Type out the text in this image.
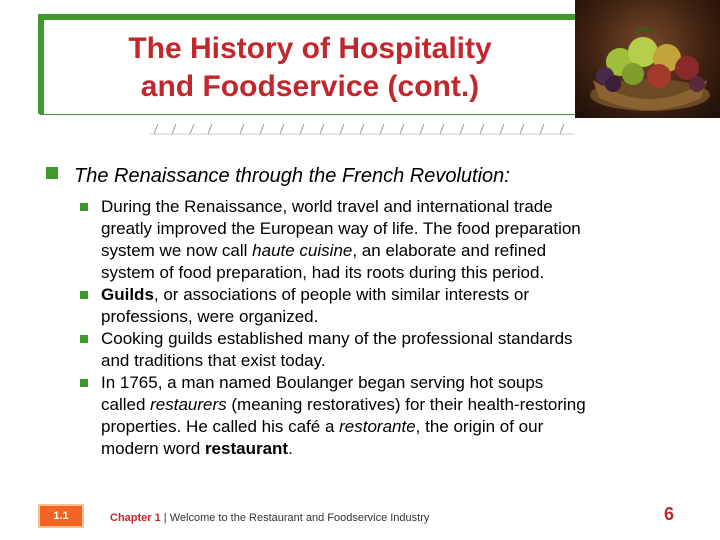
The History of Hospitality
and Foodservice (cont.)
The Renaissance through the French Revolution:
During the Renaissance, world travel and international trade
greatly improved the European way of life. The food preparation
system we now call haute cuisine, an elaborate and refined
system of food preparation, had its roots during this period.
Guilds, or associations of people with similar interests or
professions, were organized.
Cooking guilds established many of the professional standards
and traditions that exist today.
In 1765, a man named Boulanger began serving hot soups
called restaurers (meaning restoratives) for their health-restoring
properties. He called his café a restorante, the origin of our
modern word restaurant.
1.1	Chapter 1 | Welcome to the Restaurant and Foodservice Industry	6
